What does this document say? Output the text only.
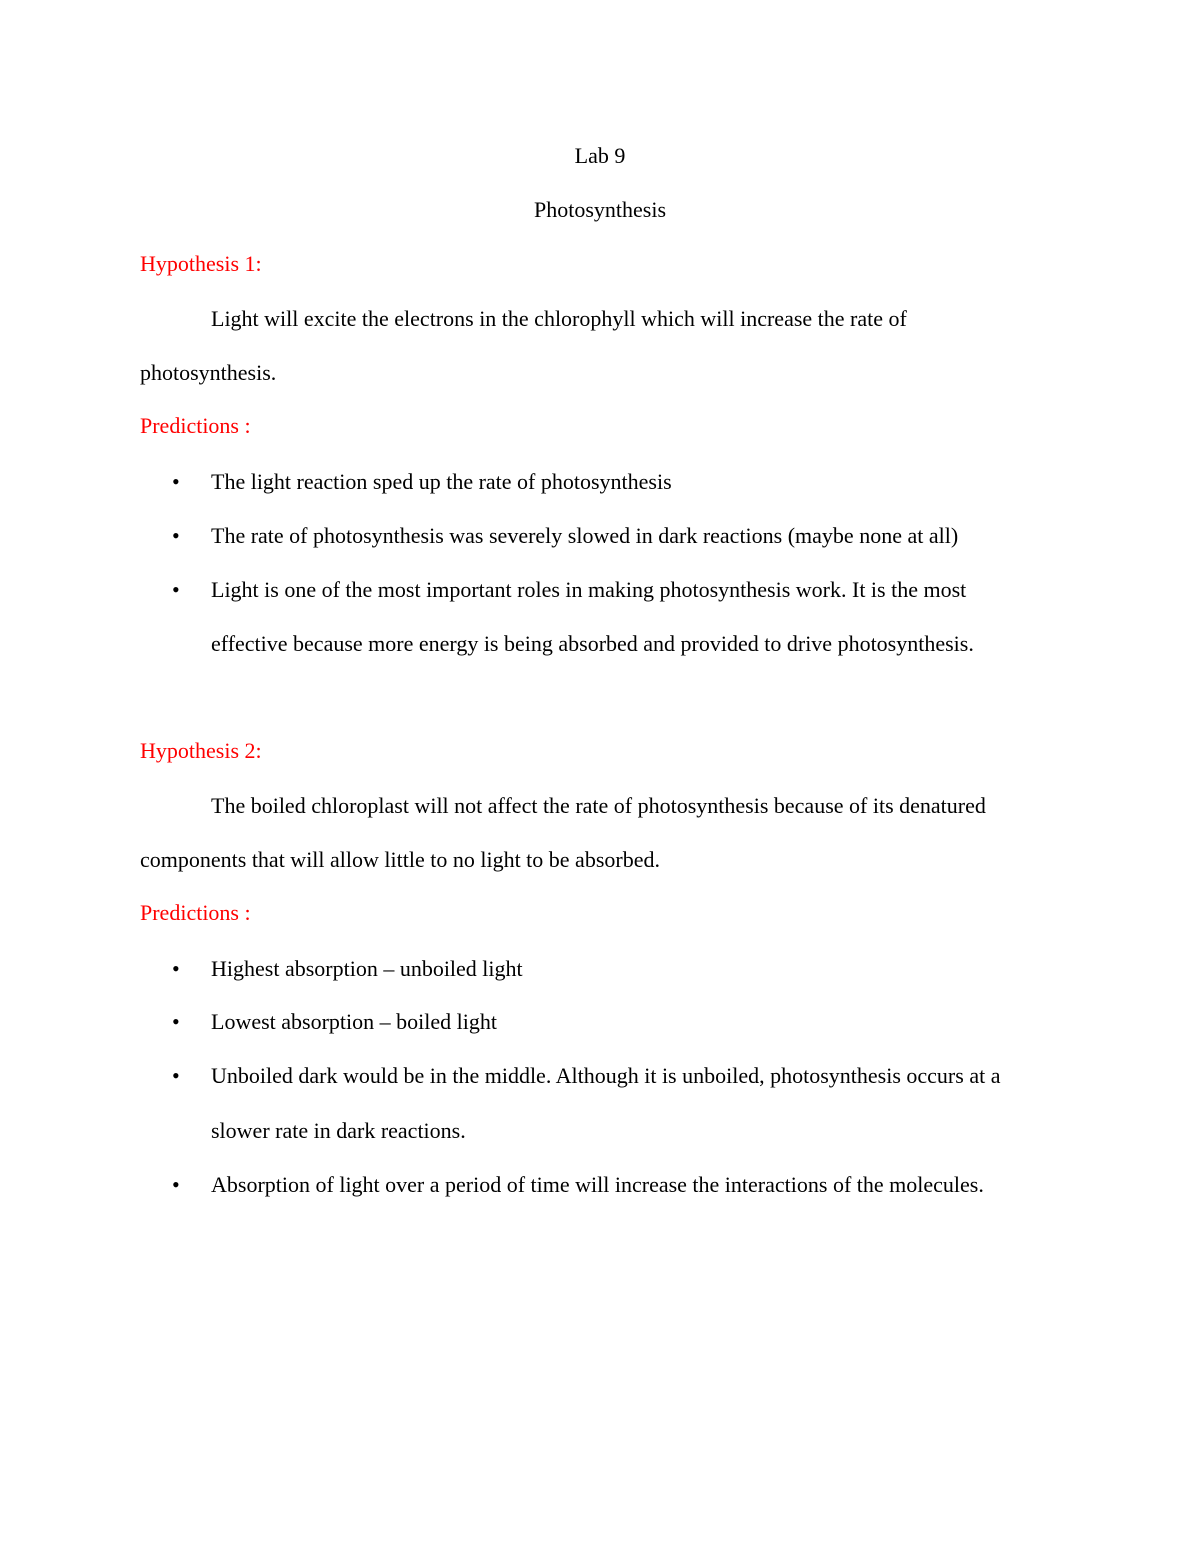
Lab 9
Photosynthesis
Hypothesis 1:
Light will excite the electrons in the chlorophyll which will increase the rate of
photosynthesis.
Predictions :
• The light reaction sped up the rate of photosynthesis
• The rate of photosynthesis was severely slowed in dark reactions (maybe none at all)
• Light is one of the most important roles in making photosynthesis work. It is the most
effective because more energy is being absorbed and provided to drive photosynthesis.
Hypothesis 2:
The boiled chloroplast will not affect the rate of photosynthesis because of its denatured
components that will allow little to no light to be absorbed.
Predictions :
• Highest absorption – unboiled light
• Lowest absorption – boiled light
• Unboiled dark would be in the middle. Although it is unboiled, photosynthesis occurs at a
slower rate in dark reactions.
• Absorption of light over a period of time will increase the interactions of the molecules.
